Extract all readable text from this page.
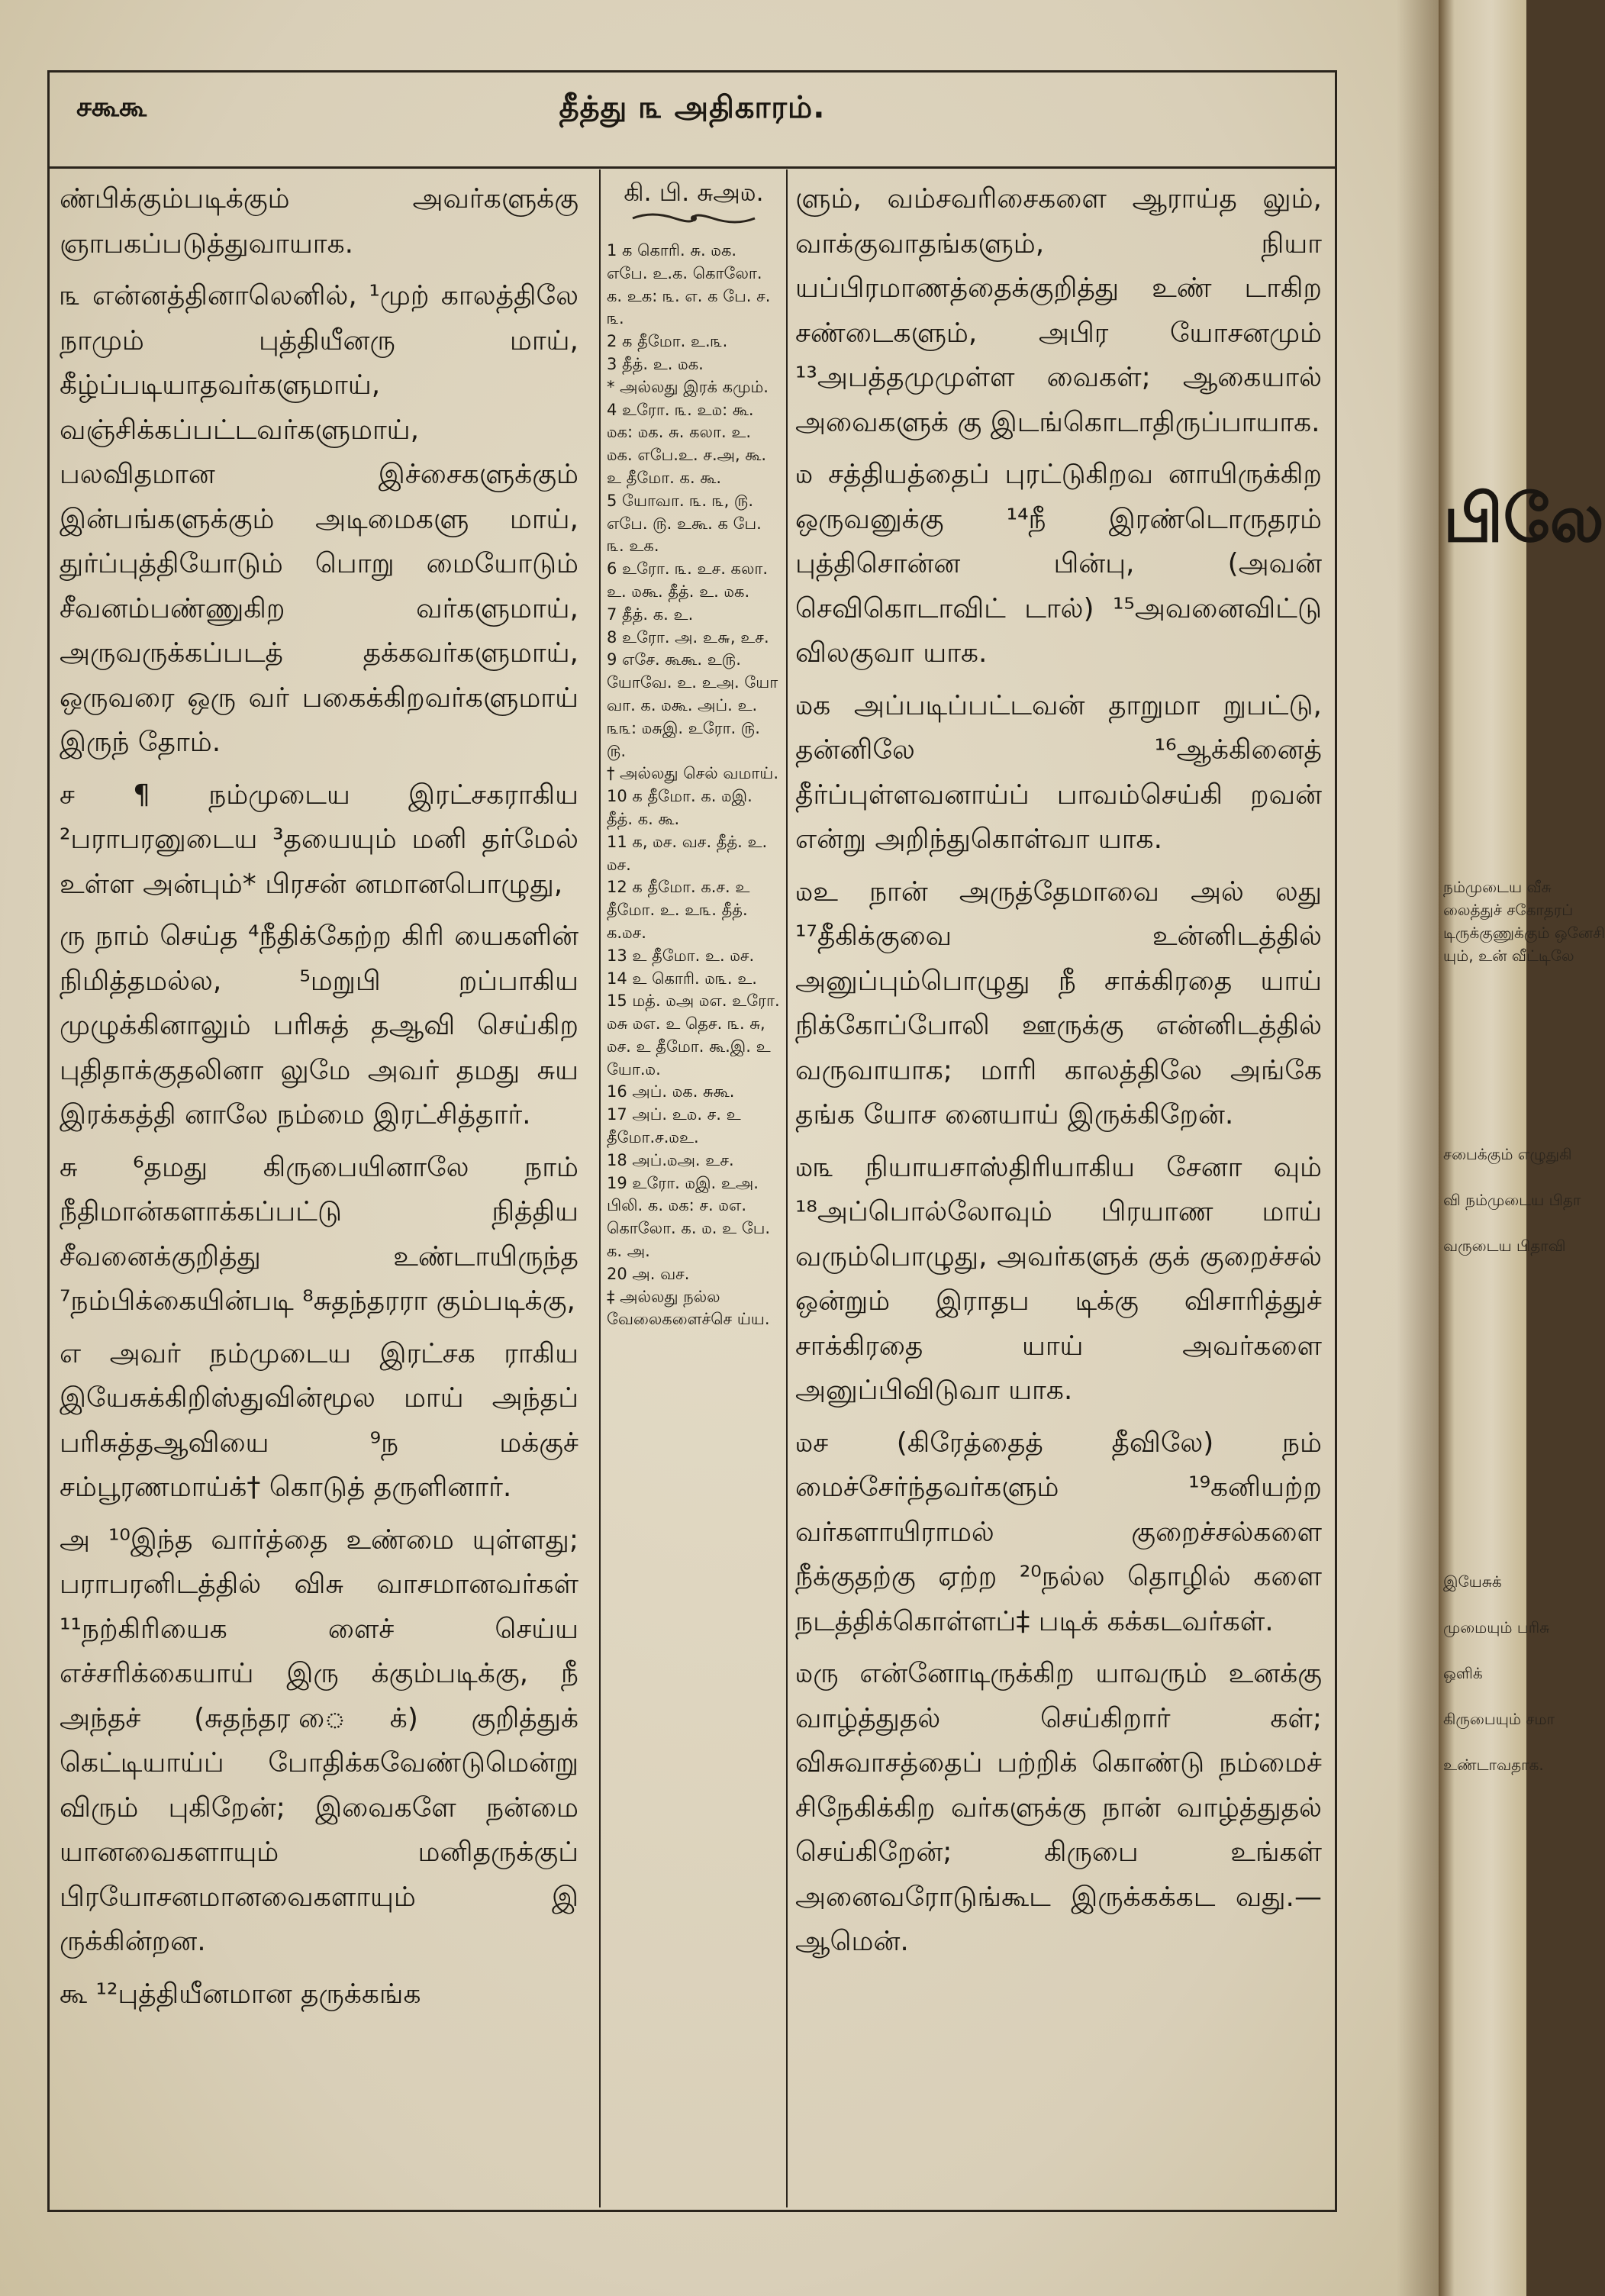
பிலே
நம்முடைய வீசு
லைத்துச் சகோதரப்
டிருக்குணுக்கும் ஒனேசி
யும், உன் வீட்டிலே
சபைக்கும் எழுதுகி
வி நம்முடைய பிதா
வருடைய பிதாவி
இயேசுக்
முமையும் பரிசு
ஒளிக்
கிருபையும் சமா
உண்டாவதாக.
சகூகூ	தீத்து ௩ அதிகாரம்.

ண்பிக்கும்படிக்கும் அவர்களுக்கு ஞாபகப்படுத்துவாயாக.

௩ என்னத்தினாலெனில், ¹முற் காலத்திலே நாமும் புத்தியீனரு மாய், கீழ்ப்படியாதவர்களுமாய், வஞ்சிக்கப்பட்டவர்களுமாய், பலவிதமான இச்சைகளுக்கும் இன்பங்களுக்கும் அடிமைகளு மாய், துர்ப்புத்தியோடும் பொறு மையோடும் சீவனம்பண்ணுகிற வர்களுமாய், அருவருக்கப்படத் தக்கவர்களுமாய், ஒருவரை ஒரு வர் பகைக்கிறவர்களுமாய் இருந் தோம்.

ச ¶ நம்முடைய இரட்சகராகிய ²பராபரனுடைய ³தயையும் மனி தர்மேல் உள்ள அன்பும்* பிரசன் னமானபொழுது,

ரு நாம் செய்த ⁴நீதிக்கேற்ற கிரி யைகளின் நிமித்தமல்ல, ⁵மறுபி றப்பாகிய முழுக்கினாலும் பரிசுத் தஆவி செய்கிற புதிதாக்குதலினா லுமே அவர் தமது சுய இரக்கத்தி னாலே நம்மை இரட்சித்தார்.

சு ⁶தமது கிருபையினாலே நாம் நீதிமான்களாக்கப்பட்டு நித்திய சீவனைக்குறித்து உண்டாயிருந்த ⁷நம்பிக்கையின்படி ⁸சுதந்தரரா கும்படிக்கு,

எ அவர் நம்முடைய இரட்சக ராகிய இயேசுக்கிறிஸ்துவின்மூல மாய் அந்தப் பரிசுத்தஆவியை ⁹ந மக்குச் சம்பூரணமாய்க்† கொடுத் தருளினார்.

அ ¹⁰இந்த வார்த்தை உண்மை யுள்ளது; பராபரனிடத்தில் விசு வாசமானவர்கள் ¹¹நற்கிரியைக ளைச் செய்ய எச்சரிக்கையாய் இரு க்கும்படிக்கு, நீ அந்தச் (சுதந்தர ைக்) குறித்துக் கெட்டியாய்ப் போதிக்கவேண்டுமென்று விரும் புகிறேன்; இவைகளே நன்மை யானவைகளாயும் மனிதருக்குப் பிரயோசனமானவைகளாயும் இ ருக்கின்றன.

கூ ¹²புத்தியீனமான தருக்கங்க

கி. பி. சுஅ௰.

1 க கொரி. சு. ௰க. எபே. உ.க. கொலோ. க. உக: ௩. எ. க பே. ச. ௩.

2 க தீமோ. உ.௩.

3 தீத். உ. ௰க.

* அல்லது இரக் கமும்.

4 உரோ. ௩. உ௰: கூ. ௰க: ௰க. சு. கலா. உ. ௰க. எபே.உ. ச.அ, கூ. உ தீமோ. க. கூ.

5 யோவா. ௩. ௩, ௫. எபே. ௫. உகூ. க பே. ௩. உக.

6 உரோ. ௩. உச. கலா. உ. ௰கூ. தீத். உ. ௰க.

7 தீத். க. உ.

8 உரோ. அ. உ௬, உச.

9 எசே. கூகூ. உ௫. யோவே. உ. உஅ. யோ வா. க. ௰கூ. அப். உ. ௩௩: ௰சுஇ. உரோ. ௫. ௫.

† அல்லது செல் வமாய்.

10 க தீமோ. க. ௰இ. தீத். க. கூ.

11 க, ௰ச. வச. தீத். உ. ௰ச.

12 க தீமோ. க.ச. உ தீமோ. உ. உ௩. தீத். க.௰ச.

13 உ தீமோ. உ. ௰ச.

14 உ கொரி. ௰௩. உ.

15 மத். ௰அ ௰எ. உரோ. ௰சு ௰எ. உ தெச. ௩. சு, ௰ச. உ தீமோ. கூ.இ. உ யோ.௰.

16 அப். ௰க. சுகூ.

17 அப். உ௰. ச. உ தீமோ.ச.௰உ.

18 அப்.௰அ. உச.

19 உரோ. ௰இ. உஅ. பிலி. க. ௰க: ச. ௰எ. கொலோ. க. ௰. உ பே. க. அ.

20 அ. வச.

‡ அல்லது நல்ல வேலைகளைச்செ ய்ய.

ளும், வம்சவரிசைகளை ஆராய்த லும், வாக்குவாதங்களும், நியா யப்பிரமாணத்தைக்குறித்து உண் டாகிற சண்டைகளும், அபிர யோசனமும் ¹³அபத்தமுமுள்ள வைகள்; ஆகையால் அவைகளுக் கு இடங்கொடாதிருப்பாயாக.

௰ சத்தியத்தைப் புரட்டுகிறவ னாயிருக்கிற ஒருவனுக்கு ¹⁴நீ இரண்டொருதரம் புத்திசொன்ன பின்பு, (அவன் செவிகொடாவிட் டால்) ¹⁵அவனைவிட்டு விலகுவா யாக.

௰க அப்படிப்பட்டவன் தாறுமா றுபட்டு, தன்னிலே ¹⁶ஆக்கினைத் தீர்ப்புள்ளவனாய்ப் பாவம்செய்கி றவன் என்று அறிந்துகொள்வா யாக.

௰உ நான் அருத்தேமாவை அல் லது ¹⁷தீகிக்குவை உன்னிடத்தில் அனுப்பும்பொழுது நீ சாக்கிரதை யாய் நிக்கோப்போலி ஊருக்கு என்னிடத்தில் வருவாயாக; மாரி காலத்திலே அங்கே தங்க யோச னையாய் இருக்கிறேன்.

௰௩ நியாயசாஸ்திரியாகிய சேனா வும் ¹⁸அப்பொல்லோவும் பிரயாண மாய் வரும்பொழுது, அவர்களுக் குக் குறைச்சல் ஒன்றும் இராதப டிக்கு விசாரித்துச் சாக்கிரதை யாய் அவர்களை அனுப்பிவிடுவா யாக.

௰ச (கிரேத்தைத் தீவிலே) நம் மைச்சேர்ந்தவர்களும் ¹⁹கனியற்ற வர்களாயிராமல் குறைச்சல்களை நீக்குதற்கு ஏற்ற ²⁰நல்ல தொழில் களை நடத்திக்கொள்ளப்‡ படிக் கக்கடவர்கள்.

௰ரு என்னோடிருக்கிற யாவரும் உனக்கு வாழ்த்துதல் செய்கிறார் கள்; விசுவாசத்தைப் பற்றிக் கொண்டு நம்மைச் சிநேகிக்கிற வர்களுக்கு நான் வாழ்த்துதல் செய்கிறேன்; கிருபை உங்கள் அனைவரோடுங்கூட இருக்கக்கட வது.—ஆமென்.
